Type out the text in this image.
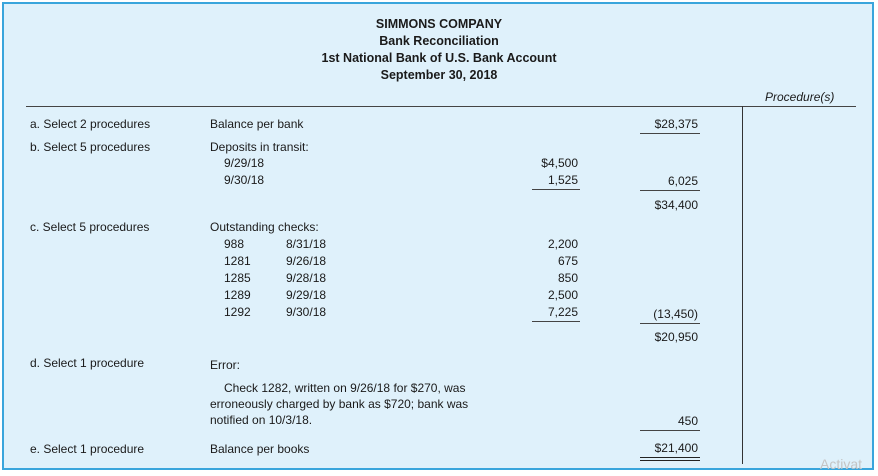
SIMMONS COMPANY
Bank Reconciliation
1st National Bank of U.S. Bank Account
September 30, 2018
Procedure(s)
a. Select 2 procedures	Balance per bank	$28,375
b. Select 5 procedures	Deposits in transit:
9/29/18	$4,500
9/30/18	1,525	6,025
$34,400
c. Select 5 procedures	Outstanding checks:
988	8/31/18	2,200
1281	9/26/18	675
1285	9/28/18	850
1289	9/29/18	2,500
1292	9/30/18	7,225	(13,450)
$20,950
d. Select 1 procedure	Error:
Check 1282, written on 9/26/18 for $270, was
erroneously charged by bank as $720; bank was
notified on 10/3/18.	450
e. Select 1 procedure	Balance per books	$21,400
Activat
